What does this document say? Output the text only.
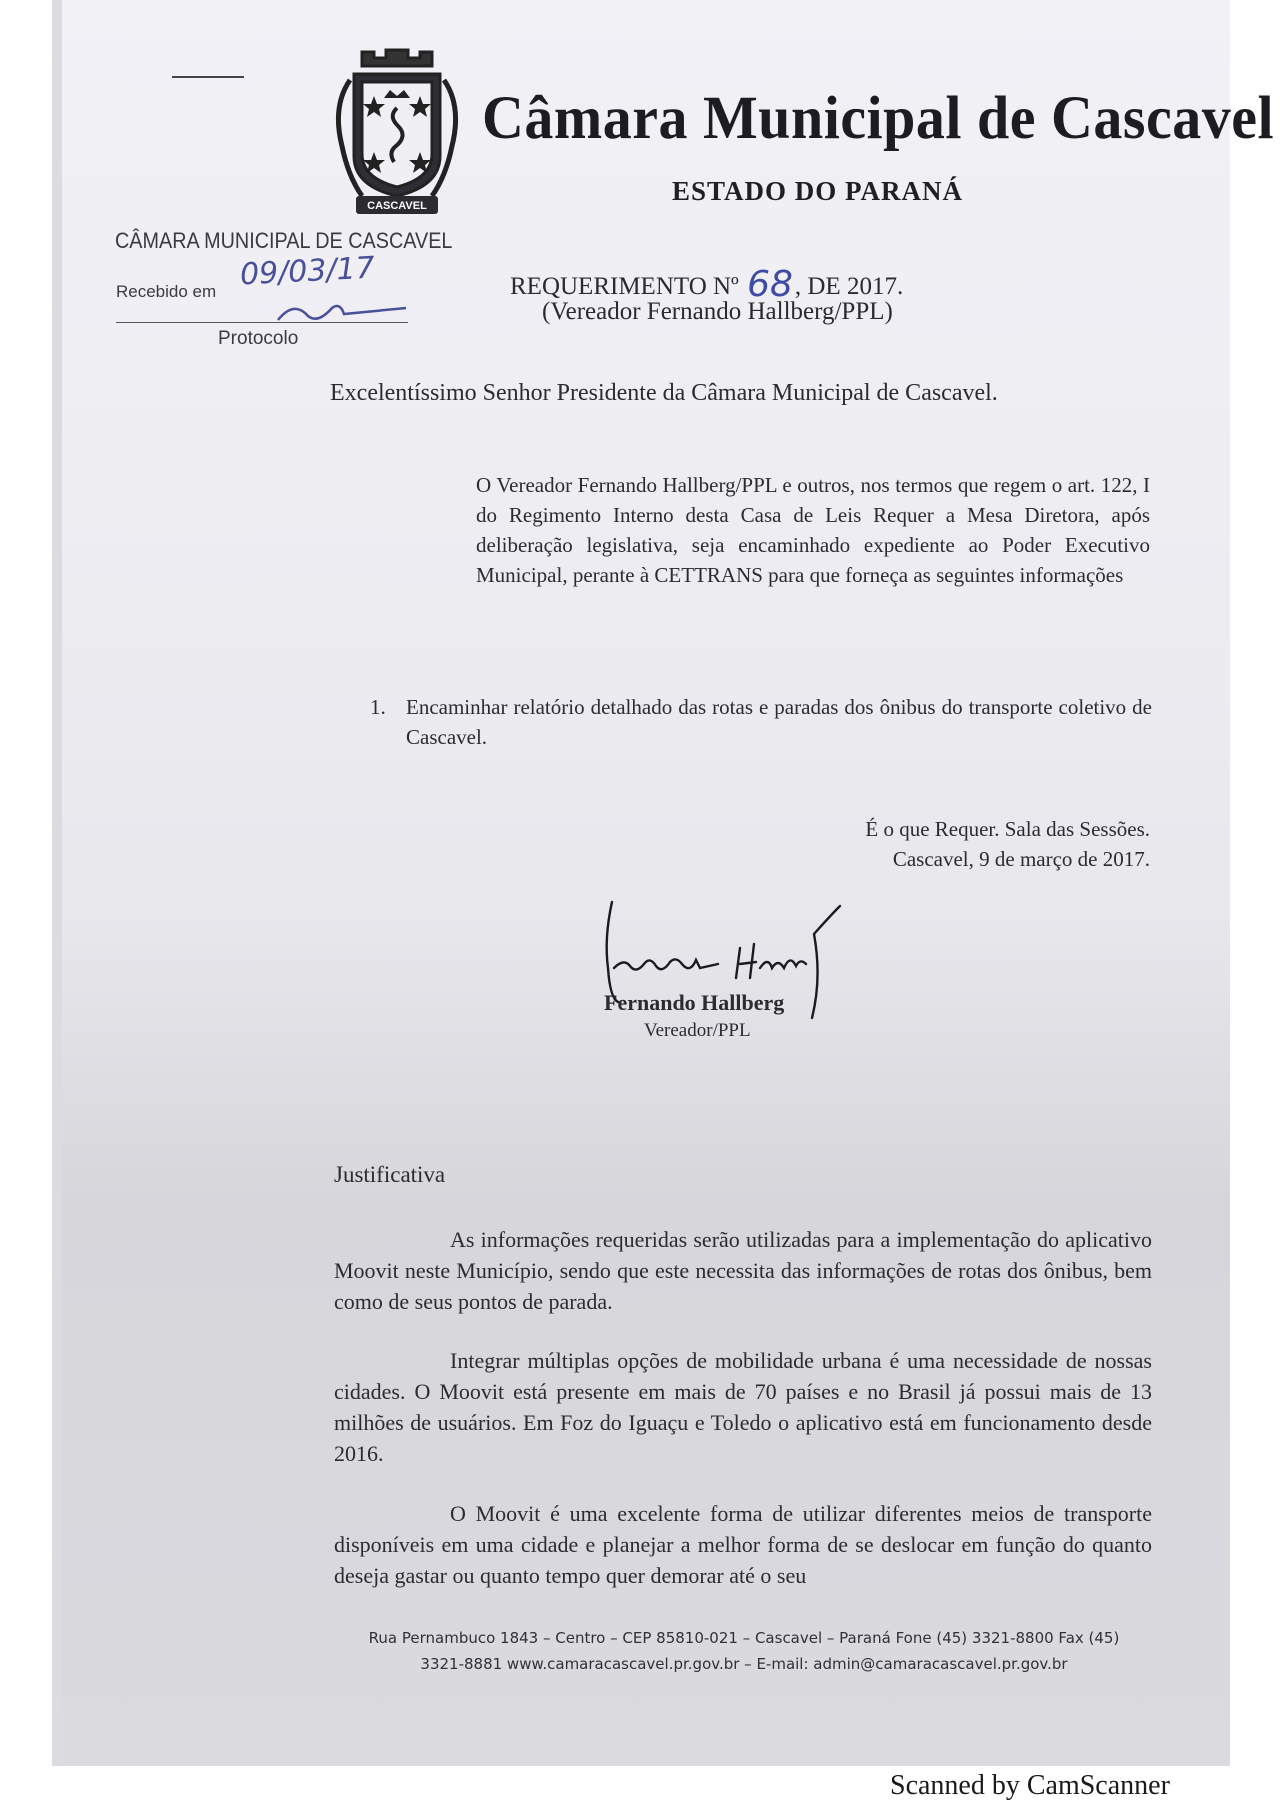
CASCAVEL
Câmara Municipal de Cascavel
ESTADO DO PARANÁ
CÂMARA MUNICIPAL DE CASCAVEL
Recebido em 09/03/17
Protocolo
REQUERIMENTO Nº 68, DE 2017.
(Vereador Fernando Hallberg/PPL)
Excelentíssimo Senhor Presidente da Câmara Municipal de Cascavel.
O Vereador Fernando Hallberg/PPL e outros, nos termos que regem o art. 122, I do Regimento Interno desta Casa de Leis Requer a Mesa Diretora, após deliberação legislativa, seja encaminhado expediente ao Poder Executivo Municipal, perante à CETTRANS para que forneça as seguintes informações
1. Encaminhar relatório detalhado das rotas e paradas dos ônibus do transporte coletivo de Cascavel.
É o que Requer. Sala das Sessões.
Cascavel, 9 de março de 2017.
Fernando Hallberg
Vereador/PPL
Justificativa
As informações requeridas serão utilizadas para a implementação do aplicativo Moovit neste Município, sendo que este necessita das informações de rotas dos ônibus, bem como de seus pontos de parada.
Integrar múltiplas opções de mobilidade urbana é uma necessidade de nossas cidades. O Moovit está presente em mais de 70 países e no Brasil já possui mais de 13 milhões de usuários. Em Foz do Iguaçu e Toledo o aplicativo está em funcionamento desde 2016.
O Moovit é uma excelente forma de utilizar diferentes meios de transporte disponíveis em uma cidade e planejar a melhor forma de se deslocar em função do quanto deseja gastar ou quanto tempo quer demorar até o seu
Rua Pernambuco 1843 – Centro – CEP 85810-021 – Cascavel – Paraná Fone (45) 3321-8800 Fax (45)
3321-8881 www.camaracascavel.pr.gov.br – E-mail: admin@camaracascavel.pr.gov.br
Scanned by CamScanner
